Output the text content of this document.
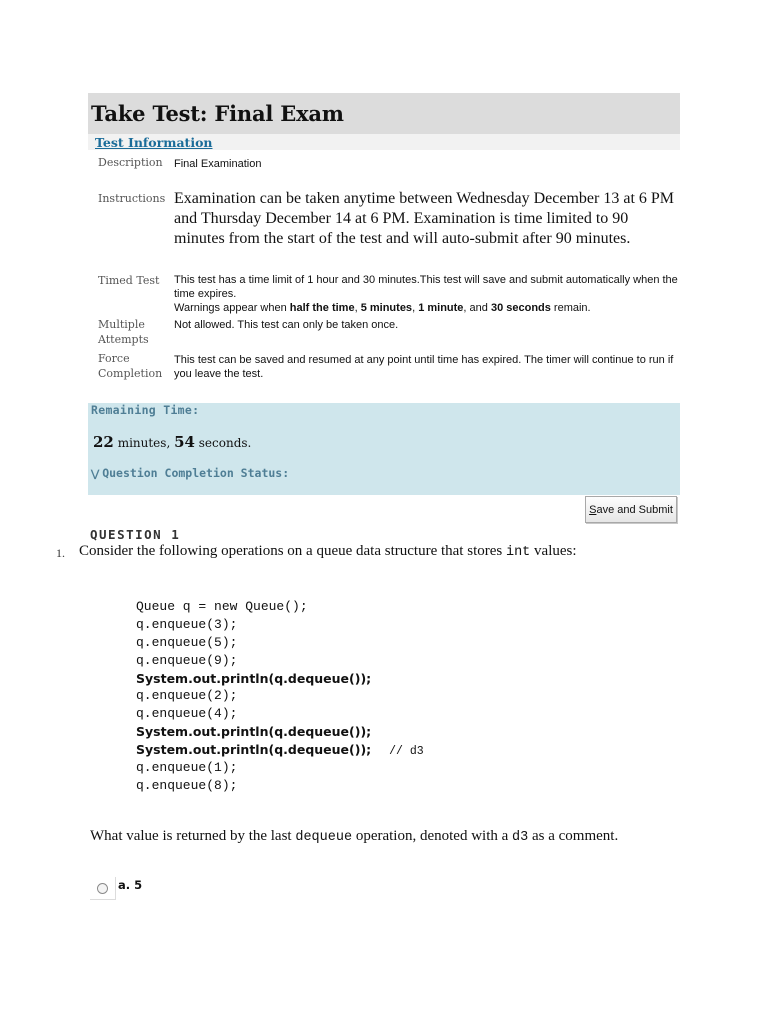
Take Test: Final Exam
Test Information
Description	Final Examination
Instructions Examination can be taken anytime between Wednesday December 13 at 6 PM and Thursday December 14 at 6 PM. Examination is time limited to 90 minutes from the start of the test and will auto-submit after 90 minutes.
Timed Test	This test has a time limit of 1 hour and 30 minutes.This test will save and submit automatically when the time expires.
Warnings appear when half the time, 5 minutes, 1 minute, and 30 seconds remain.
Multiple
Attempts
Not allowed. This test can only be taken once.
Force
Completion
This test can be saved and resumed at any point until time has expired. The timer will continue to run if you leave the test.
Remaining Time:
22 minutes, 54 seconds.
⋁ Question Completion Status:
S ave and Submit
QUESTION 1
1. Consider the following operations on a queue data structure that stores int values:
Queue q = new Queue();
q.enqueue(3);
q.enqueue(5);
q.enqueue(9);
System.out.println(q.dequeue());
q.enqueue(2);
q.enqueue(4);
System.out.println(q.dequeue());
System.out.println(q.dequeue()); // d3
q.enqueue(1);
q.enqueue(8);
What value is returned by the last dequeue operation, denoted with a d3 as a comment.
a. 5
